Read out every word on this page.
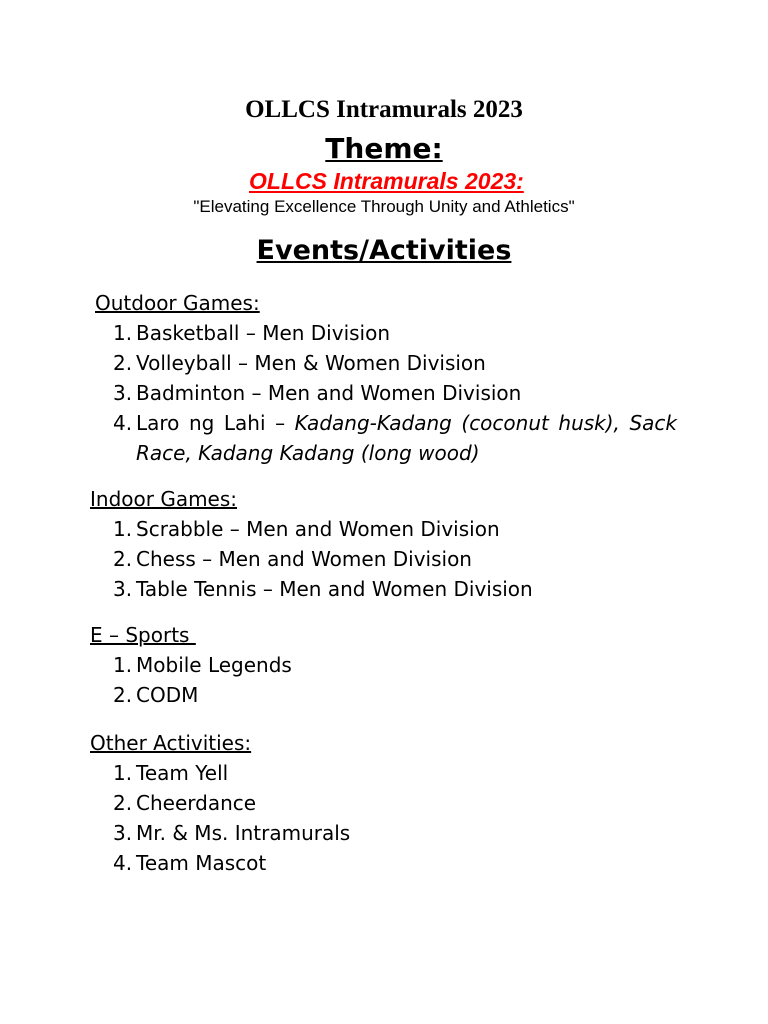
OLLCS Intramurals 2023
Theme:
OLLCS Intramurals 2023:
"Elevating Excellence Through Unity and Athletics"
Events/Activities
Outdoor Games:
1. Basketball – Men Division
2. Volleyball – Men & Women Division
3. Badminton – Men and Women Division
4. Laro ng Lahi – Kadang-Kadang (coconut husk), Sack Race, Kadang Kadang (long wood)
Indoor Games:
1. Scrabble – Men and Women Division
2. Chess – Men and Women Division
3. Table Tennis – Men and Women Division
E – Sports
1. Mobile Legends
2. CODM
Other Activities:
1. Team Yell
2. Cheerdance
3. Mr. & Ms. Intramurals
4. Team Mascot
